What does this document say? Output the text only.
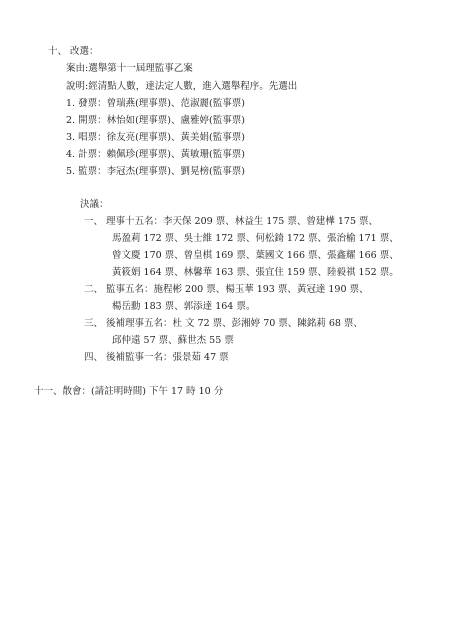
十、 改選：
案由:選舉第十一屆理監事乙案
說明:經清點人數，達法定人數，進入選舉程序。先選出
1. 發票：曾瑞燕(理事票)、范淑麗(監事票)
2. 開票：林怡如(理事票)、盧雅婷(監事票)
3. 唱票：徐友亮(理事票)、黃美娟(監事票)
4. 計票：賴佩珍(理事票)、黃敏珊(監事票)
5. 監票：李冠杰(理事票)、劉晃榜(監事票)
決議：
一、 理事十五名：李天保 209 票、林益生 175 票、曾建樺 175 票、
馬盈莉 172 票、吳士維 172 票、何松錡 172 票、張治榆 171 票、
曾文慶 170 票、曾皇棋 169 票、葉國文 166 票、張鑫耀 166 票、
黃筱娟 164 票、林馨華 163 票、張宜住 159 票、陸毅祺 152 票。
二、 監事五名：施程彬 200 票、楊玉華 193 票、黃冠達 190 票、
楊岳勳 183 票、郭添達 164 票。
三、 後補理事五名：杜 文 72 票、彭湘婷 70 票、陳銘莉 68 票、
邱仲遠 57 票、蘇世杰 55 票
四、 後補監事一名：張景茹 47 票
十一、散會：(請註明時間) 下午 17 時 10 分
